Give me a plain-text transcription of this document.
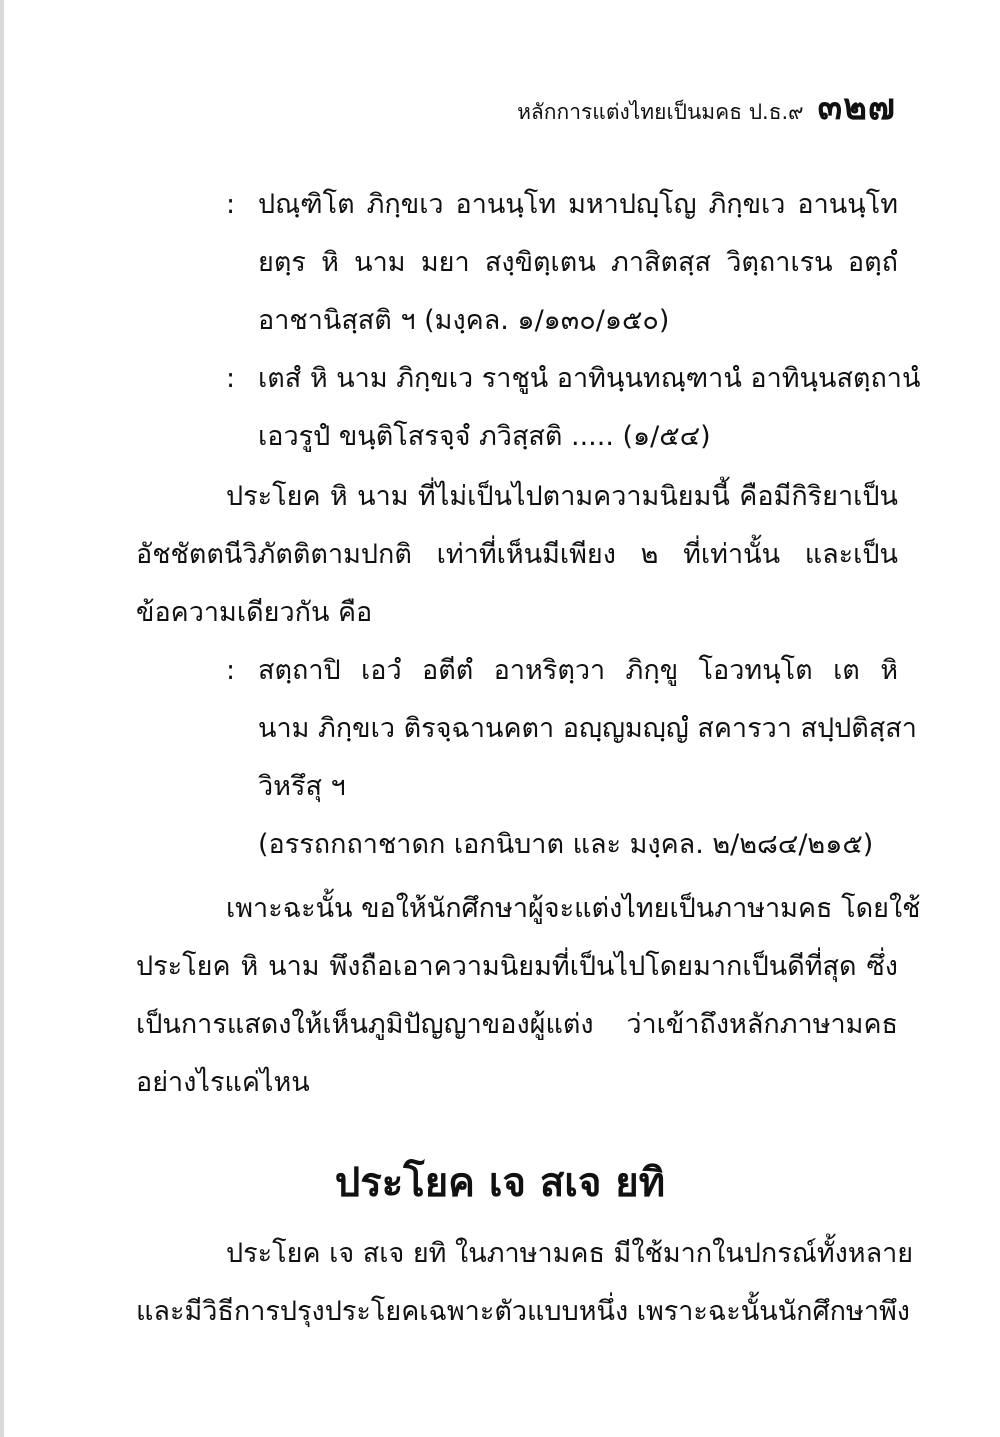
หลักการแต่งไทยเป็นมคธ ป.ธ.๙ ๓๒๗
: ปณฺฑิโต ภิกฺขเว อานนฺโท มหาปญฺโญ ภิกฺขเว อานนฺโท
ยตฺร หิ นาม มยา สงฺขิตฺเตน ภาสิตสฺส วิตฺถาเรน อตฺถํ
อาชานิสฺสติ ฯ (มงฺคล. ๑/๑๓๐/๑๕๐)
: เตสํ หิ นาม ภิกฺขเว ราชูนํ อาทินฺนทณฺฑานํ อาทินฺนสตฺถานํ
เอวรูปํ ขนฺติโสรจฺจํ ภวิสฺสติ ..... (๑/๕๔)
ประโยค หิ นาม ที่ไม่เป็นไปตามความนิยมนี้ คือมีกิริยาเป็น
อัชชัตตนีวิภัตติตามปกติ เท่าที่เห็นมีเพียง ๒ ที่เท่านั้น และเป็น
ข้อความเดียวกัน คือ
: สตฺถาปิ เอวํ อตีตํ อาหริตฺวา ภิกฺขู โอวทนฺโต เต หิ
นาม ภิกฺขเว ติรจฺฉานคตา อญฺญมญฺญํ สคารวา สปฺปติสฺสา
วิหรึสุ ฯ
(อรรถกถาชาดก เอกนิบาต และ มงฺคล. ๒/๒๘๔/๒๑๕)
เพาะฉะนั้น ขอให้นักศึกษาผู้จะแต่งไทยเป็นภาษามคธ โดยใช้
ประโยค หิ นาม พึงถือเอาความนิยมที่เป็นไปโดยมากเป็นดีที่สุด ซึ่ง
เป็นการแสดงให้เห็นภูมิปัญญาของผู้แต่ง ว่าเข้าถึงหลักภาษามคธ
อย่างไรแค่ไหน
ประโยค เจ สเจ ยทิ
ประโยค เจ สเจ ยทิ ในภาษามคธ มีใช้มากในปกรณ์ทั้งหลาย
และมีวิธีการปรุงประโยคเฉพาะตัวแบบหนึ่ง เพราะฉะนั้นนักศึกษาพึง
